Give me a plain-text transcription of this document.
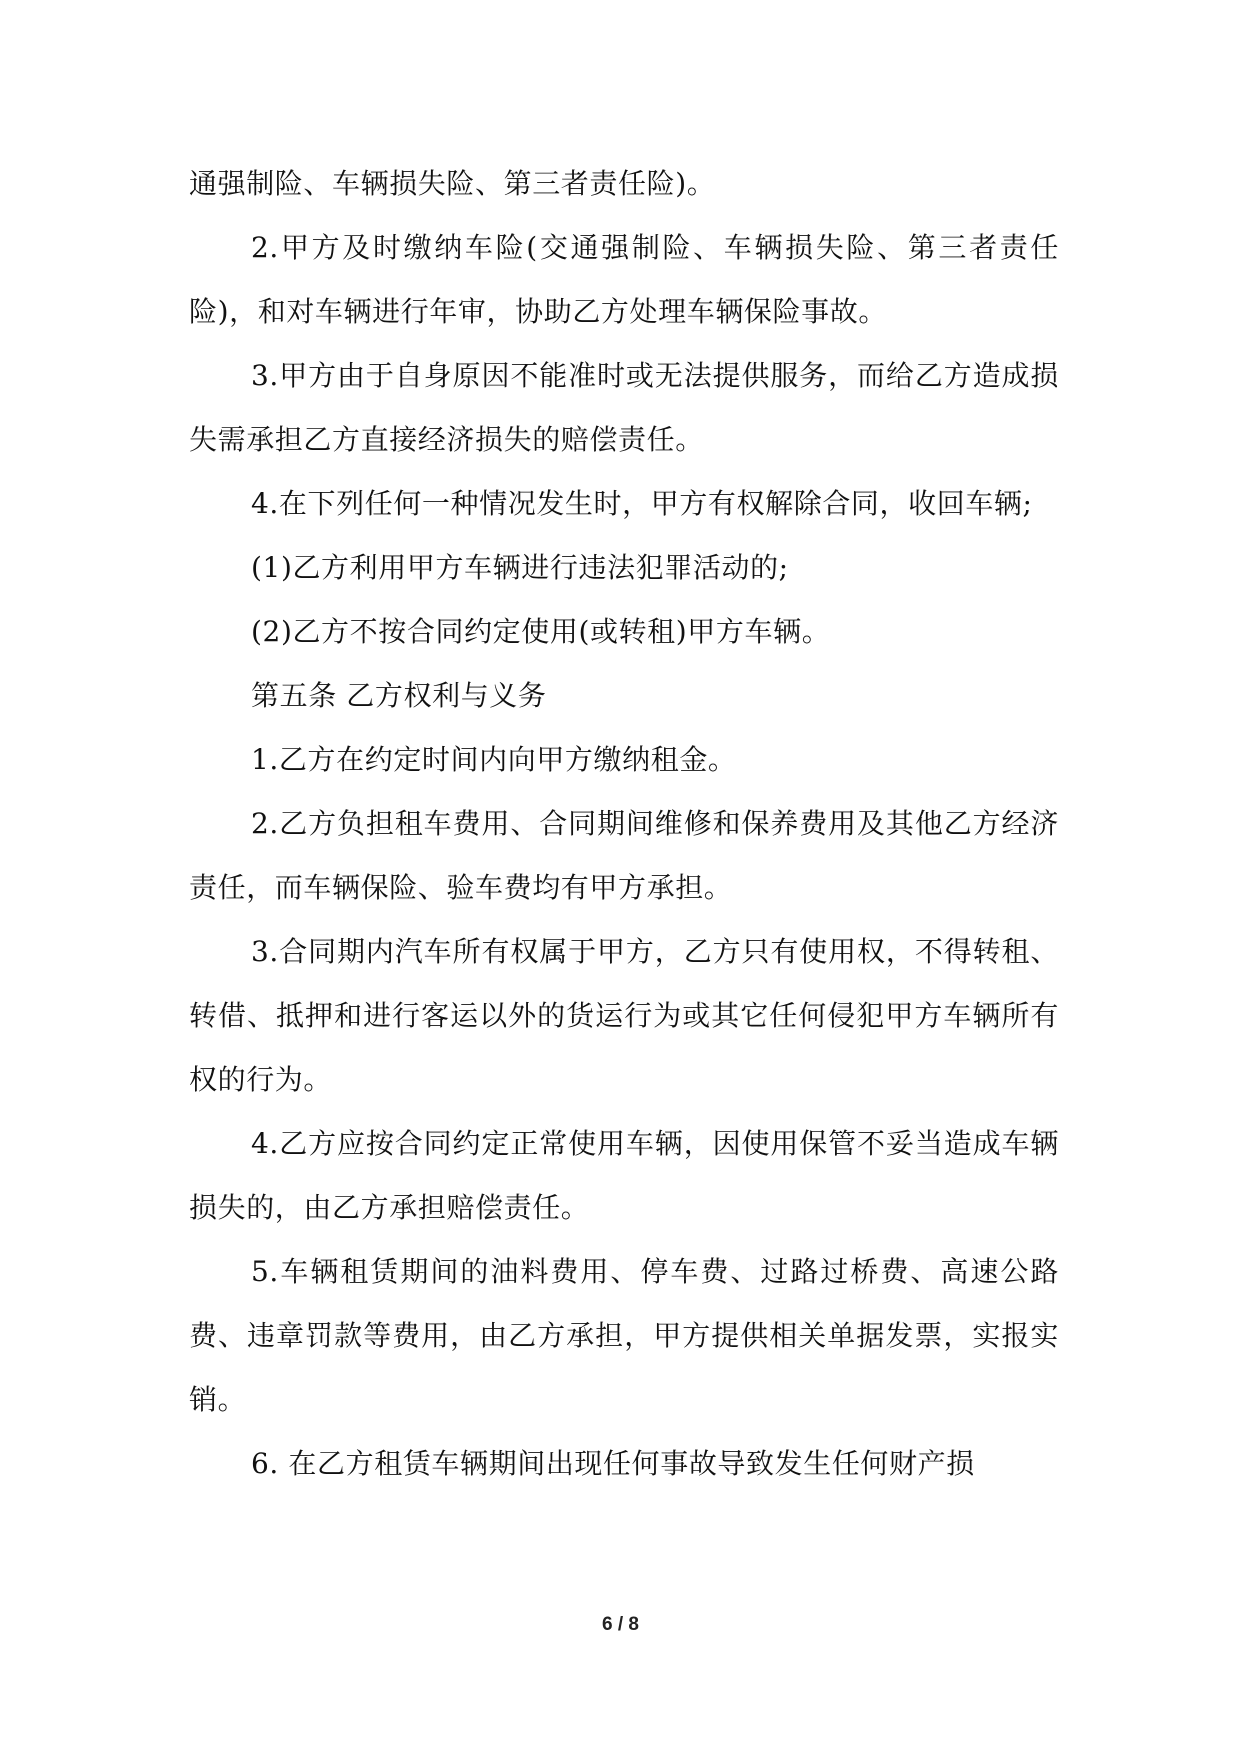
通强制险、车辆损失险、第三者责任险)。

2.甲方及时缴纳车险(交通强制险、车辆损失险、第三者责任险)，和对车辆进行年审，协助乙方处理车辆保险事故。

3.甲方由于自身原因不能准时或无法提供服务，而给乙方造成损失需承担乙方直接经济损失的赔偿责任。

4.在下列任何一种情况发生时，甲方有权解除合同，收回车辆;

(1)乙方利用甲方车辆进行违法犯罪活动的;

(2)乙方不按合同约定使用(或转租)甲方车辆。

第五条 乙方权利与义务

1.乙方在约定时间内向甲方缴纳租金。

2.乙方负担租车费用、合同期间维修和保养费用及其他乙方经济责任，而车辆保险、验车费均有甲方承担。

3.合同期内汽车所有权属于甲方，乙方只有使用权，不得转租、转借、抵押和进行客运以外的货运行为或其它任何侵犯甲方车辆所有权的行为。

4.乙方应按合同约定正常使用车辆，因使用保管不妥当造成车辆损失的，由乙方承担赔偿责任。

5.车辆租赁期间的油料费用、停车费、过路过桥费、高速公路费、违章罚款等费用，由乙方承担，甲方提供相关单据发票，实报实销。

6. 在乙方租赁车辆期间出现任何事故导致发生任何财产损

6 / 8
